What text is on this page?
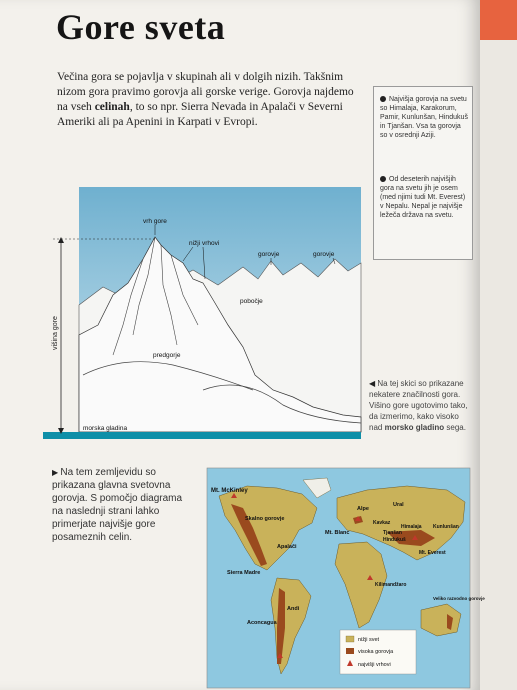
Gore sveta

Večina gora se pojavlja v skupinah ali v dolgih nizih. Takšnim nizom gora pravimo gorovja ali gorske verige. Gorovja najdemo na vseh celinah, to so npr. Sierra Nevada in Apalači v Severni Ameriki ali pa Apenini in Karpati v Evropi.

Najvišja gorovja na svetu so Himalaja, Karakorum, Pamir, Kunlunšan, Hindukuš in Tjanšan. Vsa ta gorovja so v osrednji Aziji.
Od deseterih najvišjih gora na svetu jih je osem (med njimi tudi Mt. Everest) v Nepalu. Nepal je najvišje ležeča država na svetu.
višina gore
vrh gore
nižji vrhovi
gorovje	gorovje
pobočje
predgorje
morska gladina
◀ Na tej skici so prikazane nekatere značilnosti gora. Višino gore ugotovimo tako, da izmerimo, kako visoko nad morsko gladino sega.
▶ Na tem zemljevidu so prikazana glavna svetovna gorovja. S pomočjo diagrama na naslednji strani lahko primerjate najvišje gore posameznih celin.
Mt. McKinley
Skalno gorovje
Apalači
Sierra Madre
Andi
Aconcagua
Alpe
Ural
Mt. Blanc
Kavkaz
Himalaja
Tjanšan
Hindukuš
Kunlunšan
Mt. Everest
Kilimandžaro
Veliko razvodno gorovje
nižji svet
visoka gorovja
najvišji vrhovi
